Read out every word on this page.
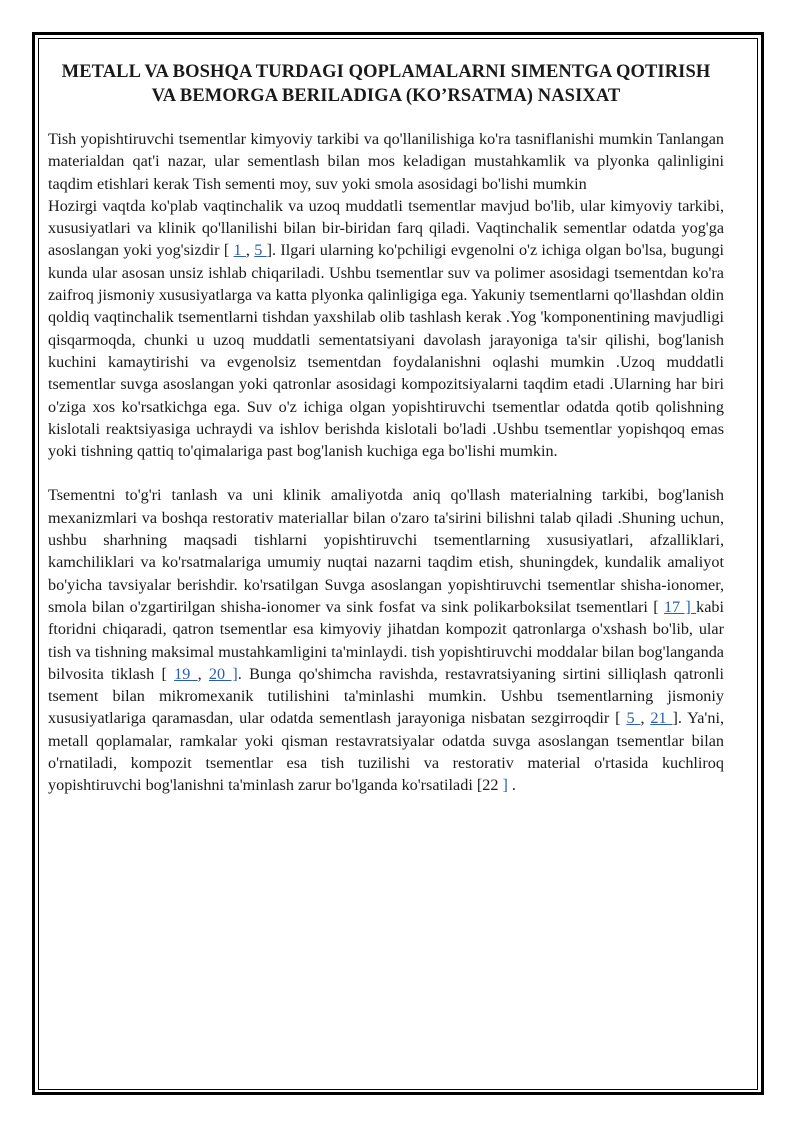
METALL VA BOSHQA TURDAGI QOPLAMALARNI SIMENTGA QOTIRISH VA BEMORGA BERILADIGA (KO’RSATMA) NASIXAT

Tish yopishtiruvchi tsementlar kimyoviy tarkibi va qo'llanilishiga ko'ra tasniflanishi mumkin Tanlangan materialdan qat'i nazar, ular sementlash bilan mos keladigan mustahkamlik va plyonka qalinligini taqdim etishlari kerak Tish sementi moy, suv yoki smola asosidagi bo'lishi mumkin

Hozirgi vaqtda ko'plab vaqtinchalik va uzoq muddatli tsementlar mavjud bo'lib, ular kimyoviy tarkibi, xususiyatlari va klinik qo'llanilishi bilan bir-biridan farq qiladi. Vaqtinchalik sementlar odatda yog'ga asoslangan yoki yog'sizdir [ 1 , 5 ]. Ilgari ularning ko'pchiligi evgenolni o'z ichiga olgan bo'lsa, bugungi kunda ular asosan unsiz ishlab chiqariladi. Ushbu tsementlar suv va polimer asosidagi tsementdan ko'ra zaifroq jismoniy xususiyatlarga va katta plyonka qalinligiga ega. Yakuniy tsementlarni qo'llashdan oldin qoldiq vaqtinchalik tsementlarni tishdan yaxshilab olib tashlash kerak .Yog 'komponentining mavjudligi qisqarmoqda, chunki u uzoq muddatli sementatsiyani davolash jarayoniga ta'sir qilishi, bog'lanish kuchini kamaytirishi va evgenolsiz tsementdan foydalanishni oqlashi mumkin .Uzoq muddatli tsementlar suvga asoslangan yoki qatronlar asosidagi kompozitsiyalarni taqdim etadi .Ularning har biri o'ziga xos ko'rsatkichga ega. Suv o'z ichiga olgan yopishtiruvchi tsementlar odatda qotib qolishning kislotali reaktsiyasiga uchraydi va ishlov berishda kislotali bo'ladi .Ushbu tsementlar yopishqoq emas yoki tishning qattiq to'qimalariga past bog'lanish kuchiga ega bo'lishi mumkin.

Tsementni to'g'ri tanlash va uni klinik amaliyotda aniq qo'llash materialning tarkibi, bog'lanish mexanizmlari va boshqa restorativ materiallar bilan o'zaro ta'sirini bilishni talab qiladi .Shuning uchun, ushbu sharhning maqsadi tishlarni yopishtiruvchi tsementlarning xususiyatlari, afzalliklari, kamchiliklari va ko'rsatmalariga umumiy nuqtai nazarni taqdim etish, shuningdek, kundalik amaliyot bo'yicha tavsiyalar berishdir. ko'rsatilgan Suvga asoslangan yopishtiruvchi tsementlar shisha-ionomer, smola bilan o'zgartirilgan shisha-ionomer va sink fosfat va sink polikarboksilat tsementlari [ 17 ] kabi ftoridni chiqaradi, qatron tsementlar esa kimyoviy jihatdan kompozit qatronlarga o'xshash bo'lib, ular tish va tishning maksimal mustahkamligini ta'minlaydi. tish yopishtiruvchi moddalar bilan bog'langanda bilvosita tiklash [ 19 , 20 ]. Bunga qo'shimcha ravishda, restavratsiyaning sirtini silliqlash qatronli tsement bilan mikromexanik tutilishini ta'minlashi mumkin. Ushbu tsementlarning jismoniy xususiyatlariga qaramasdan, ular odatda sementlash jarayoniga nisbatan sezgirroqdir [ 5 , 21 ]. Ya'ni, metall qoplamalar, ramkalar yoki qisman restavratsiyalar odatda suvga asoslangan tsementlar bilan o'rnatiladi, kompozit tsementlar esa tish tuzilishi va restorativ material o'rtasida kuchliroq yopishtiruvchi bog'lanishni ta'minlash zarur bo'lganda ko'rsatiladi [22 ] .
